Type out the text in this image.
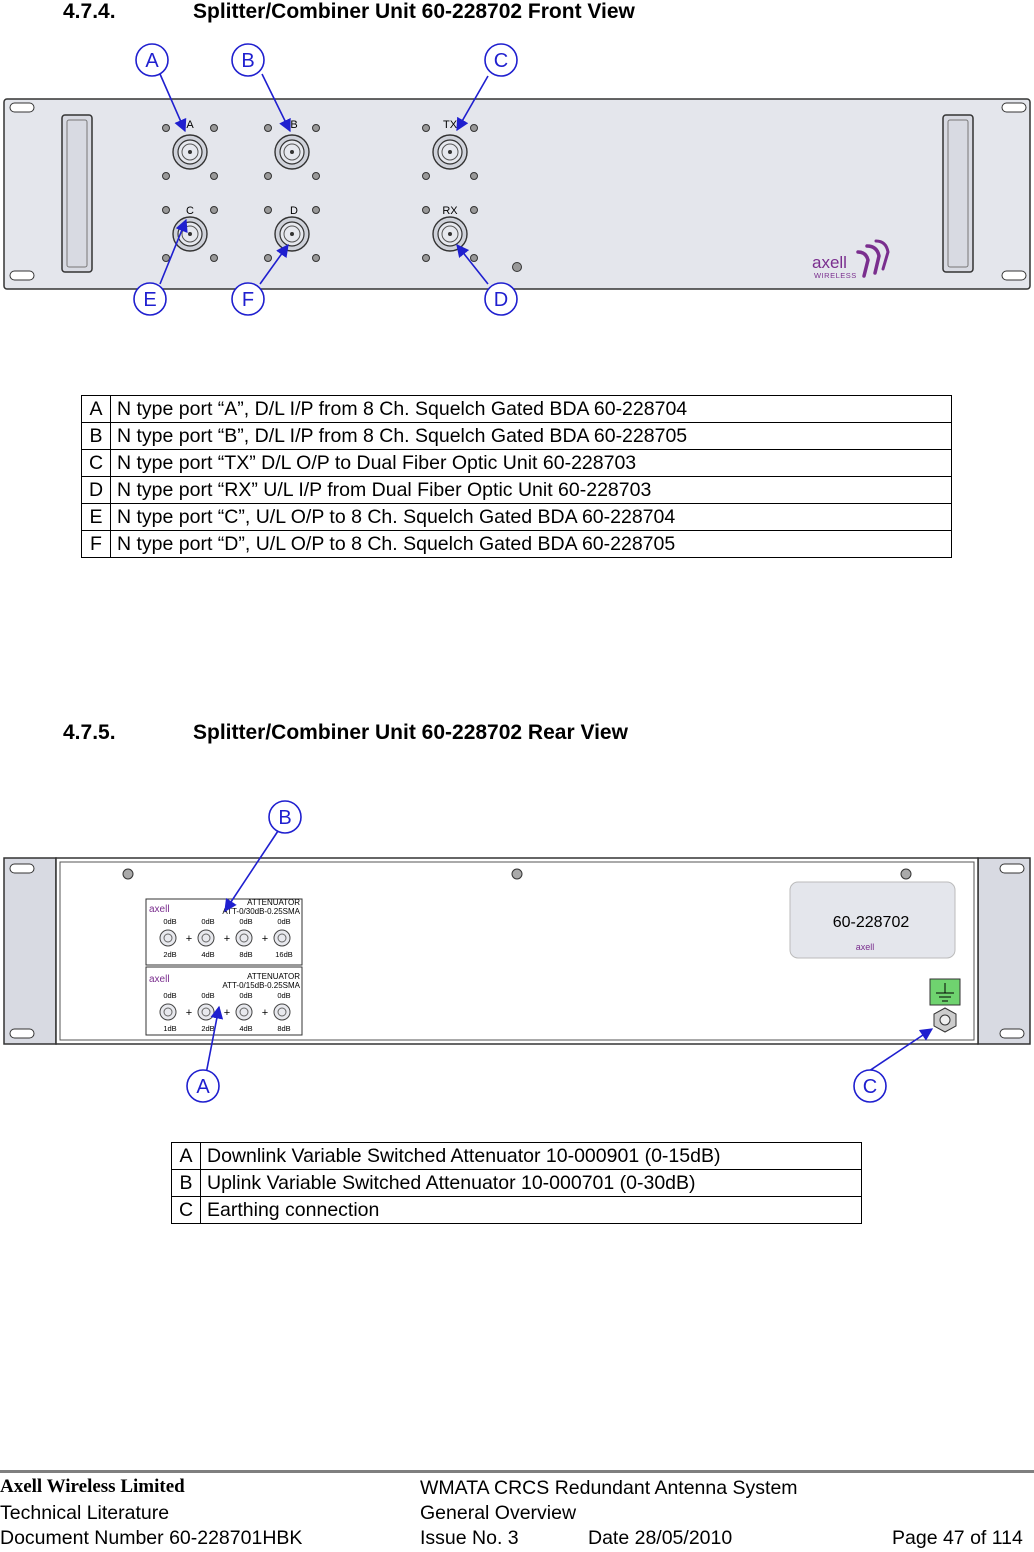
4.7.4.	Splitter/Combiner Unit 60-228702 Front View
A	B	TX
C	D	RX
axell
WIRELESS
A	B	C
E	F	D
A	N type port “A”, D/L I/P from 8 Ch. Squelch Gated BDA 60-228704
B	N type port “B”, D/L I/P from 8 Ch. Squelch Gated BDA 60-228705
C	N type port “TX” D/L O/P to Dual Fiber Optic Unit 60-228703
D	N type port “RX” U/L I/P from Dual Fiber Optic Unit 60-228703
E	N type port “C”, U/L O/P to 8 Ch. Squelch Gated BDA 60-228704
F	N type port “D”, U/L O/P to 8 Ch. Squelch Gated BDA 60-228705
4.7.5.	Splitter/Combiner Unit 60-228702 Rear View
axell
ATTENUATOR
ATT-0/30dB-0.25SMA
0dB	0dB	0dB	0dB
2dB	4dB	8dB	16dB
+	+	+
axell	ATTENUATOR
ATT-0/15dB-0.25SMA
0dB	0dB	0dB	0dB
1dB	2dB	4dB	8dB
+	+	+
60-228702
axell
B
A	C
A	Downlink Variable Switched Attenuator 10-000901 (0-15dB)
B	Uplink Variable Switched Attenuator 10-000701 (0-30dB)
C	Earthing connection
Axell Wireless Limited
Technical Literature
Document Number 60-228701HBK
WMATA CRCS Redundant Antenna System
General Overview
Issue No. 3	Date 28/05/2010	Page 47 of 114
